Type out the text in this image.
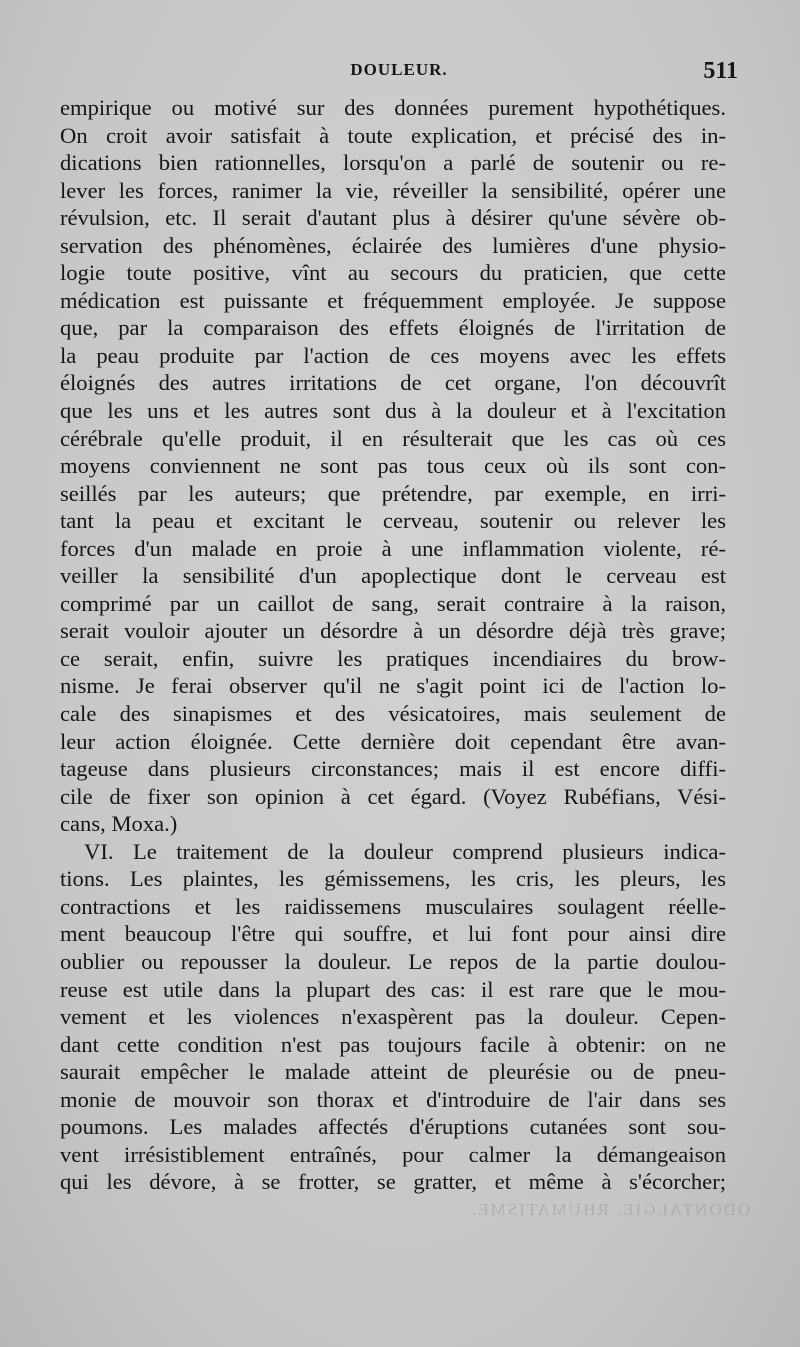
DOULEUR.	511
empirique ou motivé sur des données purement hypothétiques.
On croit avoir satisfait à toute explication, et précisé des in-
dications bien rationnelles, lorsqu'on a parlé de soutenir ou re-
lever les forces, ranimer la vie, réveiller la sensibilité, opérer une
révulsion, etc. Il serait d'autant plus à désirer qu'une sévère ob-
servation des phénomènes, éclairée des lumières d'une physio-
logie toute positive, vînt au secours du praticien, que cette
médication est puissante et fréquemment employée. Je suppose
que, par la comparaison des effets éloignés de l'irritation de
la peau produite par l'action de ces moyens avec les effets
éloignés des autres irritations de cet organe, l'on découvrît
que les uns et les autres sont dus à la douleur et à l'excitation
cérébrale qu'elle produit, il en résulterait que les cas où ces
moyens conviennent ne sont pas tous ceux où ils sont con-
seillés par les auteurs; que prétendre, par exemple, en irri-
tant la peau et excitant le cerveau, soutenir ou relever les
forces d'un malade en proie à une inflammation violente, ré-
veiller la sensibilité d'un apoplectique dont le cerveau est
comprimé par un caillot de sang, serait contraire à la raison,
serait vouloir ajouter un désordre à un désordre déjà très grave;
ce serait, enfin, suivre les pratiques incendiaires du brow-
nisme. Je ferai observer qu'il ne s'agit point ici de l'action lo-
cale des sinapismes et des vésicatoires, mais seulement de
leur action éloignée. Cette dernière doit cependant être avan-
tageuse dans plusieurs circonstances; mais il est encore diffi-
cile de fixer son opinion à cet égard. (Voyez Rubéfians, Vési-
cans, Moxa.)
VI. Le traitement de la douleur comprend plusieurs indica-
tions. Les plaintes, les gémissemens, les cris, les pleurs, les
contractions et les raidissemens musculaires soulagent réelle-
ment beaucoup l'être qui souffre, et lui font pour ainsi dire
oublier ou repousser la douleur. Le repos de la partie doulou-
reuse est utile dans la plupart des cas: il est rare que le mou-
vement et les violences n'exaspèrent pas la douleur. Cepen-
dant cette condition n'est pas toujours facile à obtenir: on ne
saurait empêcher le malade atteint de pleurésie ou de pneu-
monie de mouvoir son thorax et d'introduire de l'air dans ses
poumons. Les malades affectés d'éruptions cutanées sont sou-
vent irrésistiblement entraînés, pour calmer la démangeaison
qui les dévore, à se frotter, se gratter, et même à s'écorcher;
ODONTALGIE. RHUMATISME.
